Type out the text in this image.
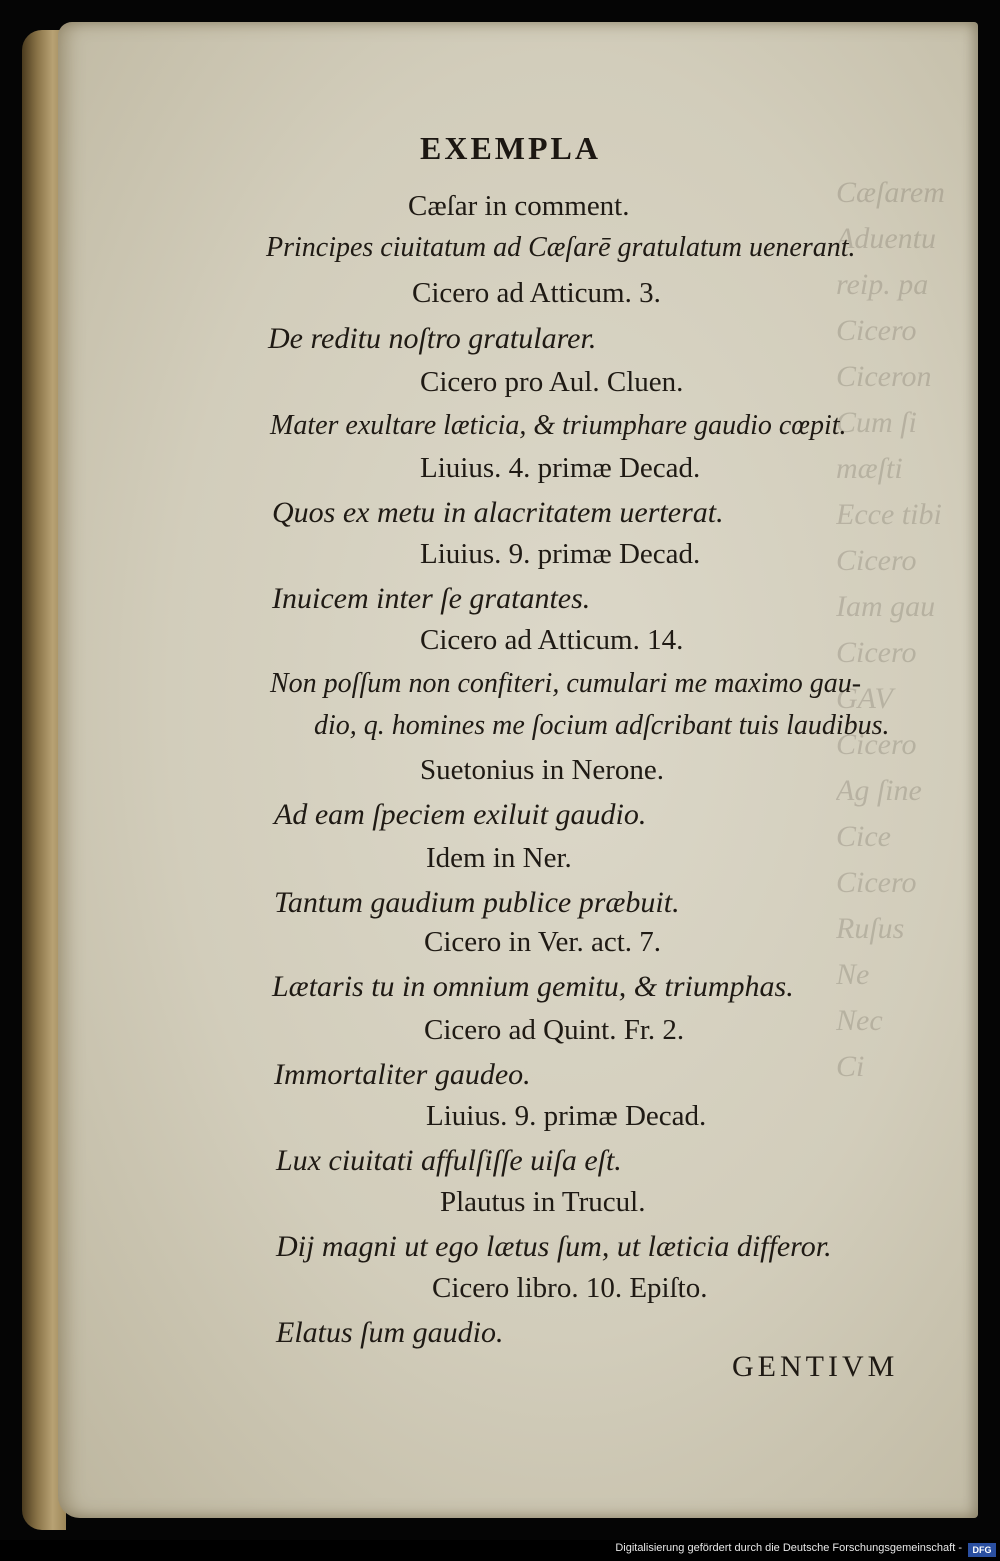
Cæſarem
Aduentu
reip. pa
Cicero
Ciceron
Cum ſi
mæſti
Ecce tibi
Cicero
Iam gau
Cicero
GAV
Cicero
Ag ſine
Cice
Cicero
Ruſus
Ne
Nec
Ci
EXEMPLA
Cæſar in comment.
Principes ciuitatum ad Cæſarē gratulatum uenerant.
Cicero ad Atticum. 3.
De reditu noſtro gratularer.
Cicero pro Aul. Cluen.
Mater exultare læticia, & triumphare gaudio cœpit.
Liuius. 4. primæ Decad.
Quos ex metu in alacritatem uerterat.
Liuius. 9. primæ Decad.
Inuicem inter ſe gratantes.
Cicero ad Atticum. 14.
Non poſſum non confiteri, cumulari me maximo gau-
dio, q. homines me ſocium adſcribant tuis laudibus.
Suetonius in Nerone.
Ad eam ſpeciem exiluit gaudio.
Idem in Ner.
Tantum gaudium publice præbuit.
Cicero in Ver. act. 7.
Lætaris tu in omnium gemitu, & triumphas.
Cicero ad Quint. Fr. 2.
Immortaliter gaudeo.
Liuius. 9. primæ Decad.
Lux ciuitati affulſiſſe uiſa eſt.
Plautus in Trucul.
Dij magni ut ego lætus ſum, ut læticia differor.
Cicero libro. 10. Epiſto.
Elatus ſum gaudio.
GENTIVM
Digitalisierung gefördert durch die Deutsche Forschungsgemeinschaft -	DFG
